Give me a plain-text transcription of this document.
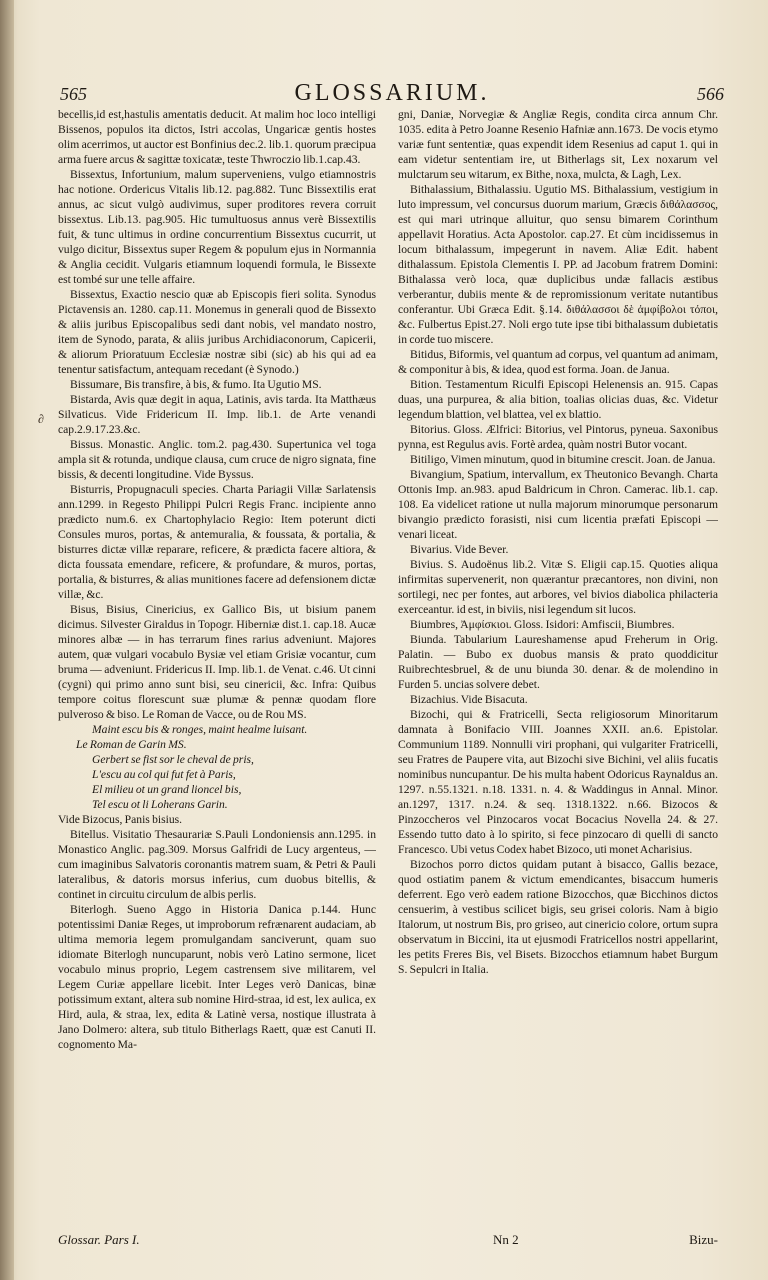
565	GLOSSARIUM.	566
∂

becellis,id est,hastulis amentatis deducit. At malim hoc loco intelligi Bissenos, populos ita dictos, Istri accolas, Ungaricæ gentis hostes olim acerrimos, ut auctor est Bonfinius dec.2. lib.1. quorum præcipua arma fuere arcus & sagittæ toxicatæ, teste Thwroczio lib.1.cap.43.

Bissextus, Infortunium, malum superveniens, vulgo etiamnostris hac notione. Ordericus Vitalis lib.12. pag.882. Tunc Bissextilis erat annus, ac sicut vulgò audivimus, super proditores revera corruit bissextus. Lib.13. pag.905. Hic tumultuosus annus verè Bissextilis fuit, & tunc ultimus in ordine concurrentium Bissextus cucurrit, ut vulgo dicitur, Bissextus super Regem & populum ejus in Normannia & Anglia cecidit. Vulgaris etiamnum loquendi formula, le Bissexte est tombé sur une telle affaire.

Bissextus, Exactio nescio quæ ab Episcopis fieri solita. Synodus Pictavensis an. 1280. cap.11. Monemus in generali quod de Bissexto & aliis juribus Episcopalibus sedi dant nobis, vel mandato nostro, item de Synodo, parata, & aliis juribus Archidiaconorum, Capicerii, & aliorum Prioratuum Ecclesiæ nostræ sibi (sic) ab his qui ad ea tenentur satisfactum, antequam recedant (è Synodo.)

Bissumare, Bis transfire, à bis, & fumo. Ita Ugutio MS.

Bistarda, Avis quæ degit in aqua, Latinis, avis tarda. Ita Matthæus Silvaticus. Vide Fridericum II. Imp. lib.1. de Arte venandi cap.2.9.17.23.&c.

Bissus. Monastic. Anglic. tom.2. pag.430. Supertunica vel toga ampla sit & rotunda, undique clausa, cum cruce de nigro signata, fine bissis, & decenti longitudine. Vide Byssus.

Bisturris, Propugnaculi species. Charta Pariagii Villæ Sarlatensis ann.1299. in Regesto Philippi Pulcri Regis Franc. incipiente anno prædicto num.6. ex Chartophylacio Regio: Item poterunt dicti Consules muros, portas, & antemuralia, & foussata, & portalia, & bisturres dictæ villæ reparare, reficere, & prædicta facere altiora, & dicta foussata emendare, reficere, & profundare, & muros, portas, portalia, & bisturres, & alias munitiones facere ad defensionem dictæ villæ, &c.

Bisus, Bisius, Cinericius, ex Gallico Bis, ut bisium panem dicimus. Silvester Giraldus in Topogr. Hiberniæ dist.1. cap.18. Aucæ minores albæ — in has terrarum fines rarius adveniunt. Majores autem, quæ vulgari vocabulo Bysiæ vel etiam Grisiæ vocantur, cum bruma — adveniunt. Fridericus II. Imp. lib.1. de Venat. c.46. Ut cinni (cygni) qui primo anno sunt bisi, seu cinericii, &c. Infra: Quibus tempore coitus florescunt suæ plumæ & pennæ quodam flore pulveroso & biso. Le Roman de Vacce, ou de Rou MS.

Maint escu bis & ronges, maint healme luisant.

Le Roman de Garin MS.

Gerbert se fist sor le cheval de pris,

L'escu au col qui fut fet à Paris,

El milieu ot un grand lioncel bis,

Tel escu ot li Loherans Garin.

Vide Bizocus, Panis bisius.

Bitellus. Visitatio Thesaurariæ S.Pauli Londoniensis ann.1295. in Monastico Anglic. pag.309. Morsus Galfridi de Lucy argenteus, — cum imaginibus Salvatoris coronantis matrem suam, & Petri & Pauli lateralibus, & datoris morsus inferius, cum duobus bitellis, & continet in circuitu circulum de albis perlis.

Biterlogh. Sueno Aggo in Historia Danica p.144. Hunc potentissimi Daniæ Reges, ut improborum refrænarent audaciam, ab ultima memoria legem promulgandam sanciverunt, quam suo idiomate Biterlogh nuncuparunt, nobis verò Latino sermone, licet vocabulo minus proprio, Legem castrensem sive militarem, vel Legem Curiæ appellare licebit. Inter Leges verò Danicas, binæ potissimum extant, altera sub nomine Hird-straa, id est, lex aulica, ex Hird, aula, & straa, lex, edita & Latinè versa, nostique illustrata à Jano Dolmero: altera, sub titulo Bitherlags Raett, quæ est Canuti II. cognomento Ma-

gni, Daniæ, Norvegiæ & Angliæ Regis, condita circa annum Chr. 1035. edita à Petro Joanne Resenio Hafniæ ann.1673. De vocis etymo variæ funt sententiæ, quas expendit idem Resenius ad caput 1. qui in eam videtur sententiam ire, ut Bitherlags sit, Lex noxarum vel mulctarum seu witarum, ex Bithe, noxa, mulcta, & Lagh, Lex.

Bithalassium, Bithalassiu. Ugutio MS. Bithalassium, vestigium in luto impressum, vel concursus duorum marium, Græcis διθάλασσος, est qui mari utrinque alluitur, quo sensu bimarem Corinthum appellavit Horatius. Acta Apostolor. cap.27. Et cùm incidissemus in locum bithalassum, impegerunt in navem. Aliæ Edit. habent dithalassum. Epistola Clementis I. PP. ad Jacobum fratrem Domini: Bithalassa verò loca, quæ duplicibus undæ fallacis æstibus verberantur, dubiis mente & de repromissionum veritate nutantibus conferantur. Ubi Græca Edit. §.14. διθάλασσοι δὲ ἀμφίβολοι τόποι, &c. Fulbertus Epist.27. Noli ergo tute ipse tibi bithalassum dubietatis in corde tuo miscere.

Bitidus, Biformis, vel quantum ad corpus, vel quantum ad animam, & componitur à bis, & idea, quod est forma. Joan. de Janua.

Bition. Testamentum Riculfi Episcopi Helenensis an. 915. Capas duas, una purpurea, & alia bition, toalias olicias duas, &c. Videtur legendum blattion, vel blattea, vel ex blattio.

Bitorius. Gloss. Ælfrici: Bitorius, vel Pintorus, pyneua. Saxonibus pynna, est Regulus avis. Fortè ardea, quàm nostri Butor vocant.

Bitiligo, Vimen minutum, quod in bitumine crescit. Joan. de Janua.

Bivangium, Spatium, intervallum, ex Theutonico Bevangh. Charta Ottonis Imp. an.983. apud Baldricum in Chron. Camerac. lib.1. cap. 108. Ea videlicet ratione ut nulla majorum minorumque personarum bivangio prædicto forasisti, nisi cum licentia præfati Episcopi — venari liceat.

Bivarius. Vide Bever.

Bivius. S. Audoënus lib.2. Vitæ S. Eligii cap.15. Quoties aliqua infirmitas supervenerit, non quærantur præcantores, non divini, non sortilegi, nec per fontes, aut arbores, vel bivios diabolica philacteria exerceantur. id est, in biviis, nisi legendum sit lucos.

Biumbres, Ἀμφίσκιοι. Gloss. Isidori: Amfiscii, Biumbres.

Biunda. Tabularium Laureshamense apud Freherum in Orig. Palatin. — Bubo ex duobus mansis & prato quoddicitur Ruibrechtesbruel, & de unu biunda 30. denar. & de molendino in Furden 5. uncias solvere debet.

Bizachius. Vide Bisacuta.

Bizochi, qui & Fratricelli, Secta religiosorum Minoritarum damnata à Bonifacio VIII. Joannes XXII. an.6. Epistolar. Communium 1189. Nonnulli viri prophani, qui vulgariter Fratricelli, seu Fratres de Paupere vita, aut Bizochi sive Bichini, vel aliis fucatis nominibus nuncupantur. De his multa habent Odoricus Raynaldus an. 1297. n.55.1321. n.18. 1331. n. 4. & Waddingus in Annal. Minor. an.1297, 1317. n.24. & seq. 1318.1322. n.66. Bizocos & Pinzoccheros vel Pinzocaros vocat Bocacius Novella 24. & 27. Essendo tutto dato à lo spirito, si fece pinzocaro di quelli di sancto Francesco. Ubi vetus Codex habet Bizoco, uti monet Acharisius.

Bizochos porro dictos quidam putant à bisacco, Gallis bezace, quod ostiatim panem & victum emendicantes, bisaccum humeris deferrent. Ego verò eadem ratione Bizocchos, quæ Bicchinos dictos censuerim, à vestibus scilicet bigis, seu grisei coloris. Nam à bigio Italorum, ut nostrum Bis, pro griseo, aut cinericio colore, ortum supra observatum in Biccini, ita ut ejusmodi Fratricellos nostri appellarint, les petits Freres Bis, vel Bisets. Bizocchos etiamnum habet Burgum S. Sepulcri in Italia.

Glossar. Pars I.	Nn 2	Bizu-
